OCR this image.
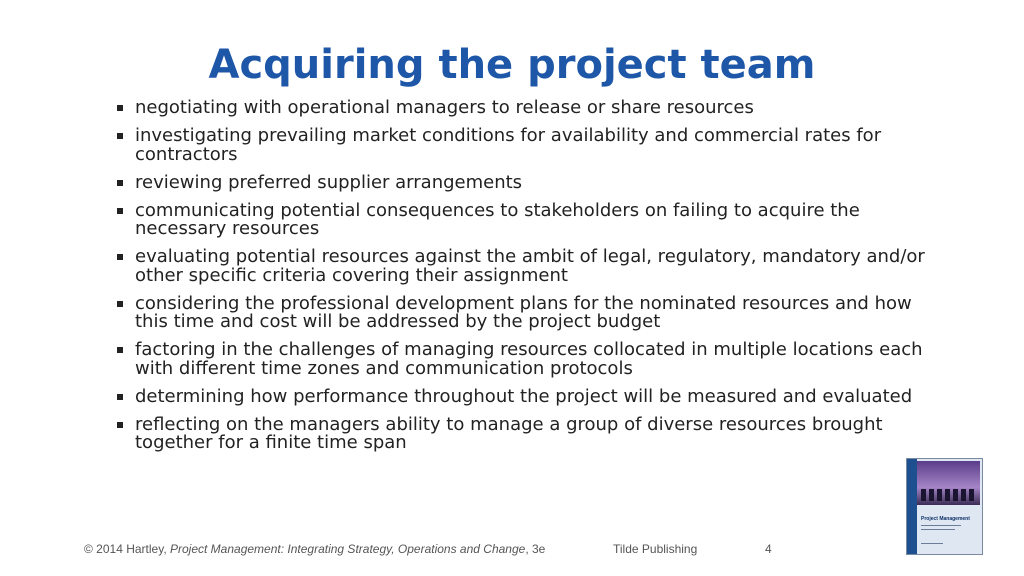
Acquiring the project team
negotiating with operational managers to release or share resources
investigating prevailing market conditions for availability and commercial rates for contractors
reviewing preferred supplier arrangements
communicating potential consequences to stakeholders on failing to acquire the necessary resources
evaluating potential resources against the ambit of legal, regulatory, mandatory and/or other specific criteria covering their assignment
considering the professional development plans for the nominated resources and how this time and cost will be addressed by the project budget
factoring in the challenges of managing resources collocated in multiple locations each with different time zones and communication protocols
determining how performance throughout the project will be measured and evaluated
reflecting on the managers ability to manage a group of diverse resources brought together for a finite time span
© 2014 Hartley, Project Management: Integrating Strategy, Operations and Change, 3e	Tilde Publishing	4
Project Management
